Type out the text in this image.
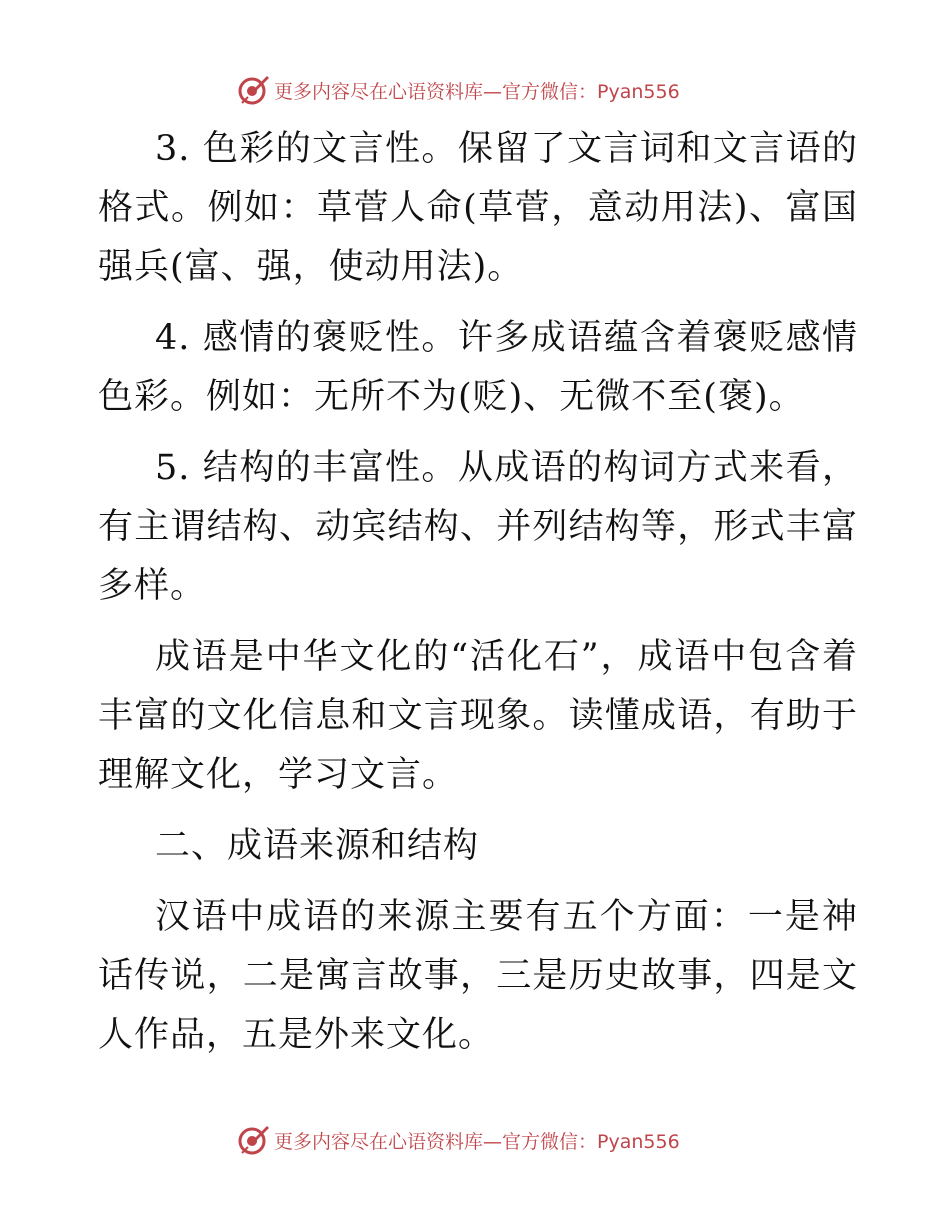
更多内容尽在心语资料库—官方微信：Pyan556

3. 色彩的文言性。保留了文言词和文言语的格式。例如：草菅人命(草菅，意动用法)、富国强兵(富、强，使动用法)。

4. 感情的褒贬性。许多成语蕴含着褒贬感情色彩。例如：无所不为(贬)、无微不至(褒)。

5. 结构的丰富性。从成语的构词方式来看，有主谓结构、动宾结构、并列结构等，形式丰富多样。

成语是中华文化的“活化石”，成语中包含着丰富的文化信息和文言现象。读懂成语，有助于理解文化，学习文言。

二、成语来源和结构

汉语中成语的来源主要有五个方面：一是神话传说，二是寓言故事，三是历史故事，四是文人作品，五是外来文化。

更多内容尽在心语资料库—官方微信：Pyan556
